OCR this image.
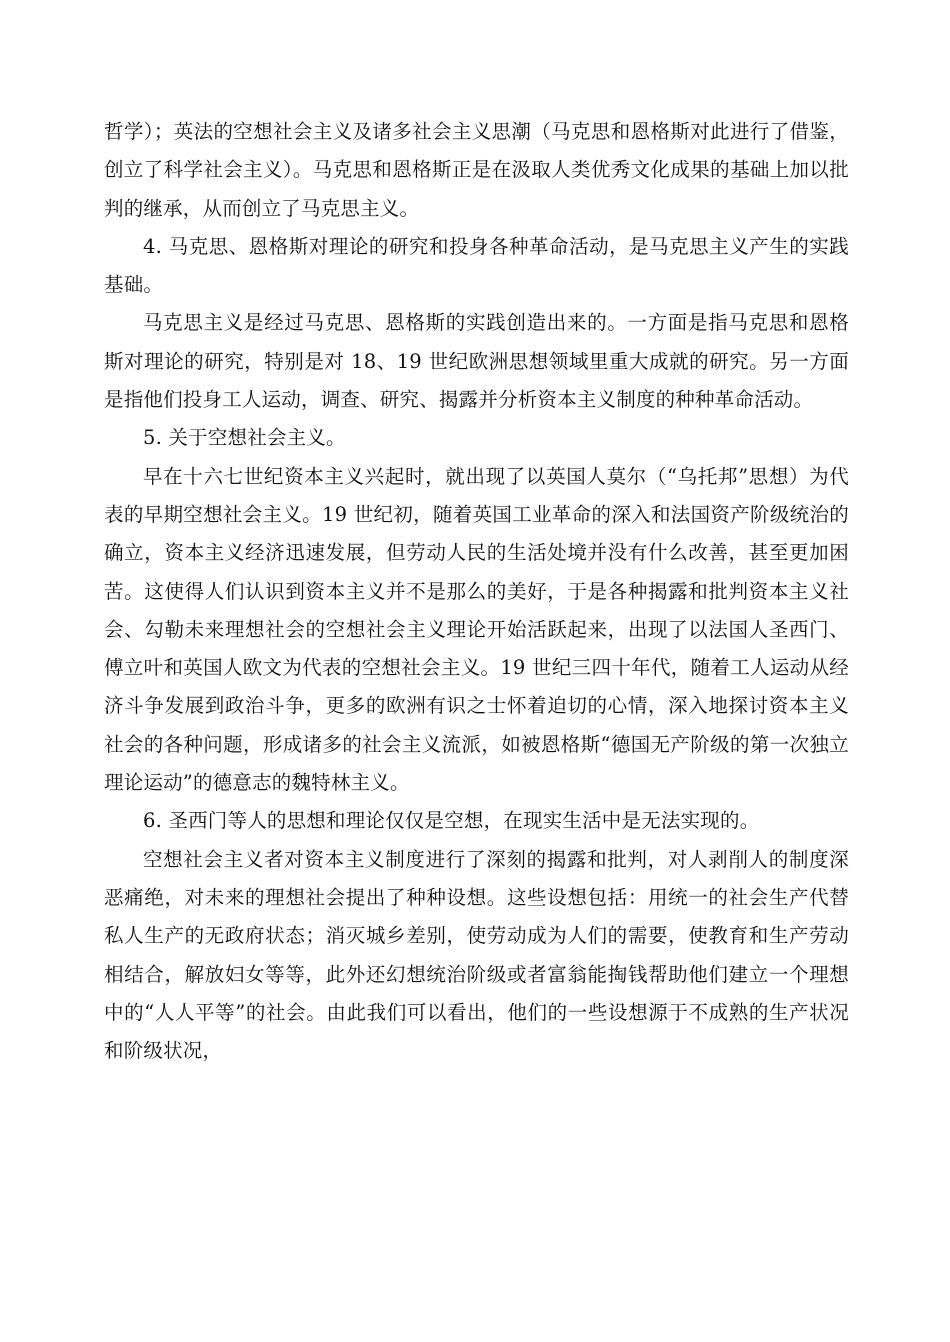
哲学）；英法的空想社会主义及诸多社会主义思潮（马克思和恩格斯对此进行了借鉴，创立了科学社会主义）。马克思和恩格斯正是在汲取人类优秀文化成果的基础上加以批判的继承，从而创立了马克思主义。

4. 马克思、恩格斯对理论的研究和投身各种革命活动，是马克思主义产生的实践基础。

马克思主义是经过马克思、恩格斯的实践创造出来的。一方面是指马克思和恩格斯对理论的研究，特别是对 18、19 世纪欧洲思想领域里重大成就的研究。另一方面是指他们投身工人运动，调查、研究、揭露并分析资本主义制度的种种革命活动。

5. 关于空想社会主义。

早在十六七世纪资本主义兴起时，就出现了以英国人莫尔（“乌托邦”思想）为代表的早期空想社会主义。19 世纪初，随着英国工业革命的深入和法国资产阶级统治的确立，资本主义经济迅速发展，但劳动人民的生活处境并没有什么改善，甚至更加困苦。这使得人们认识到资本主义并不是那么的美好，于是各种揭露和批判资本主义社会、勾勒未来理想社会的空想社会主义理论开始活跃起来，出现了以法国人圣西门、傅立叶和英国人欧文为代表的空想社会主义。19 世纪三四十年代，随着工人运动从经济斗争发展到政治斗争，更多的欧洲有识之士怀着迫切的心情，深入地探讨资本主义社会的各种问题，形成诸多的社会主义流派，如被恩格斯“德国无产阶级的第一次独立理论运动”的德意志的魏特林主义。

6. 圣西门等人的思想和理论仅仅是空想，在现实生活中是无法实现的。

空想社会主义者对资本主义制度进行了深刻的揭露和批判，对人剥削人的制度深恶痛绝，对未来的理想社会提出了种种设想。这些设想包括：用统一的社会生产代替私人生产的无政府状态；消灭城乡差别，使劳动成为人们的需要，使教育和生产劳动相结合，解放妇女等等，此外还幻想统治阶级或者富翁能掏钱帮助他们建立一个理想中的“人人平等”的社会。由此我们可以看出，他们的一些设想源于不成熟的生产状况和阶级状况，
